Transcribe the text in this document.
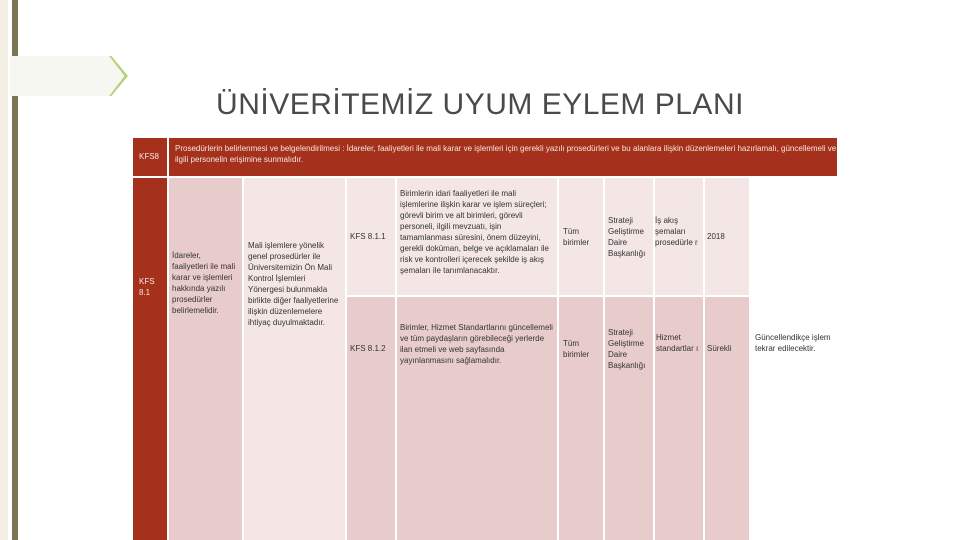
ÜNİVERİTEMİZ UYUM EYLEM PLANI
KFS8
Prosedürlerin belirlenmesi ve belgelendirilmesi : İdareler, faaliyetleri ile mali karar ve işlemleri için gerekli yazılı prosedürleri ve bu alanlara ilişkin düzenlemeleri hazırlamalı, güncellemeli ve ilgili personelin erişimine sunmalıdır.
KFS 8.1
İdareler, faaliyetleri ile mali karar ve işlemleri hakkında yazılı prosedürler belirlemelidir.
Mali işlemlere yönelik genel prosedürler ile Üniversitemizin Ön Mali Kontrol İşlemleri Yönergesi bulunmakla birlikte diğer faaliyetlerine ilişkin düzenlemelere ihtiyaç duyulmaktadır.
KFS 8.1.1
Birimlerin idari faaliyetleri ile mali işlemlerine ilişkin karar ve işlem süreçleri; görevli birim ve alt birimleri, görevli personeli, ilgili mevzuatı, işin tamamlanması süresini, önem düzeyini, gerekli doküman, belge ve açıklamaları ile risk ve kontrolleri içerecek şekilde iş akış şemaları ile tanımlanacaktır.
Tüm birimler
Strateji Geliştirme Daire Başkanlığı
İş akış şemaları prosedürle r
2018
KFS 8.1.2
Birimler, Hizmet Standartlarını güncellemeli ve tüm paydaşların görebileceği yerlerde ilan etmeli ve web sayfasında yayınlanmasını sağlamalıdır.
Tüm birimler
Strateji Geliştirme Daire Başkanlığı
Hizmet standartlar ı	Sürekli
Güncellendikçe işlem tekrar edilecektir.
